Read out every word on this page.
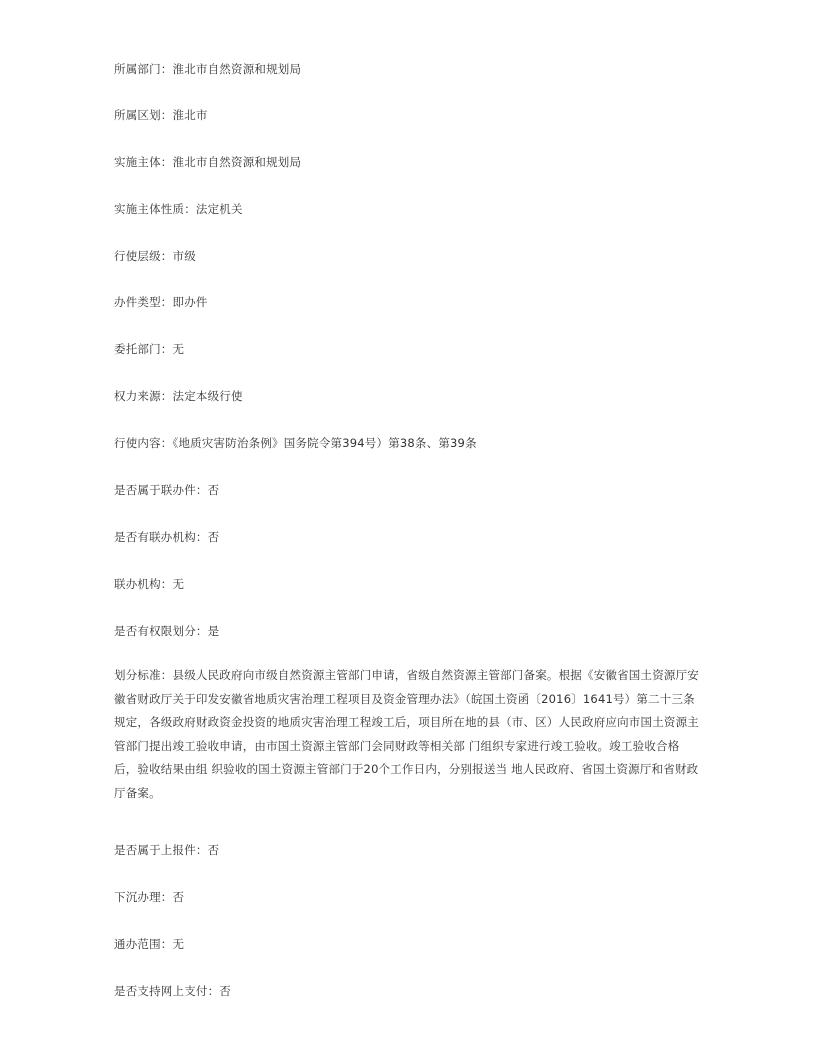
所属部门：淮北市自然资源和规划局
所属区划：淮北市
实施主体：淮北市自然资源和规划局
实施主体性质：法定机关
行使层级：市级
办件类型：即办件
委托部门：无
权力来源：法定本级行使
行使内容：《地质灾害防治条例》国务院令第394号）第38条、第39条
是否属于联办件：否
是否有联办机构：否
联办机构：无
是否有权限划分：是
划分标准：县级人民政府向市级自然资源主管部门申请，省级自然资源主管部门备案。根据《安徽省国土资源厅安徽省财政厅关于印发安徽省地质灾害治理工程项目及资金管理办法》（皖国土资函〔2016〕1641号）第二十三条规定，各级政府财政资金投资的地质灾害治理工程竣工后，项目所在地的县（市、区）人民政府应向市国土资源主管部门提出竣工验收申请，由市国土资源主管部门会同财政等相关部 门组织专家进行竣工验收。竣工验收合格后，验收结果由组 织验收的国土资源主管部门于20个工作日内，分别报送当 地人民政府、省国土资源厅和省财政厅备案。
是否属于上报件：否
下沉办理：否
通办范围：无
是否支持网上支付：否
